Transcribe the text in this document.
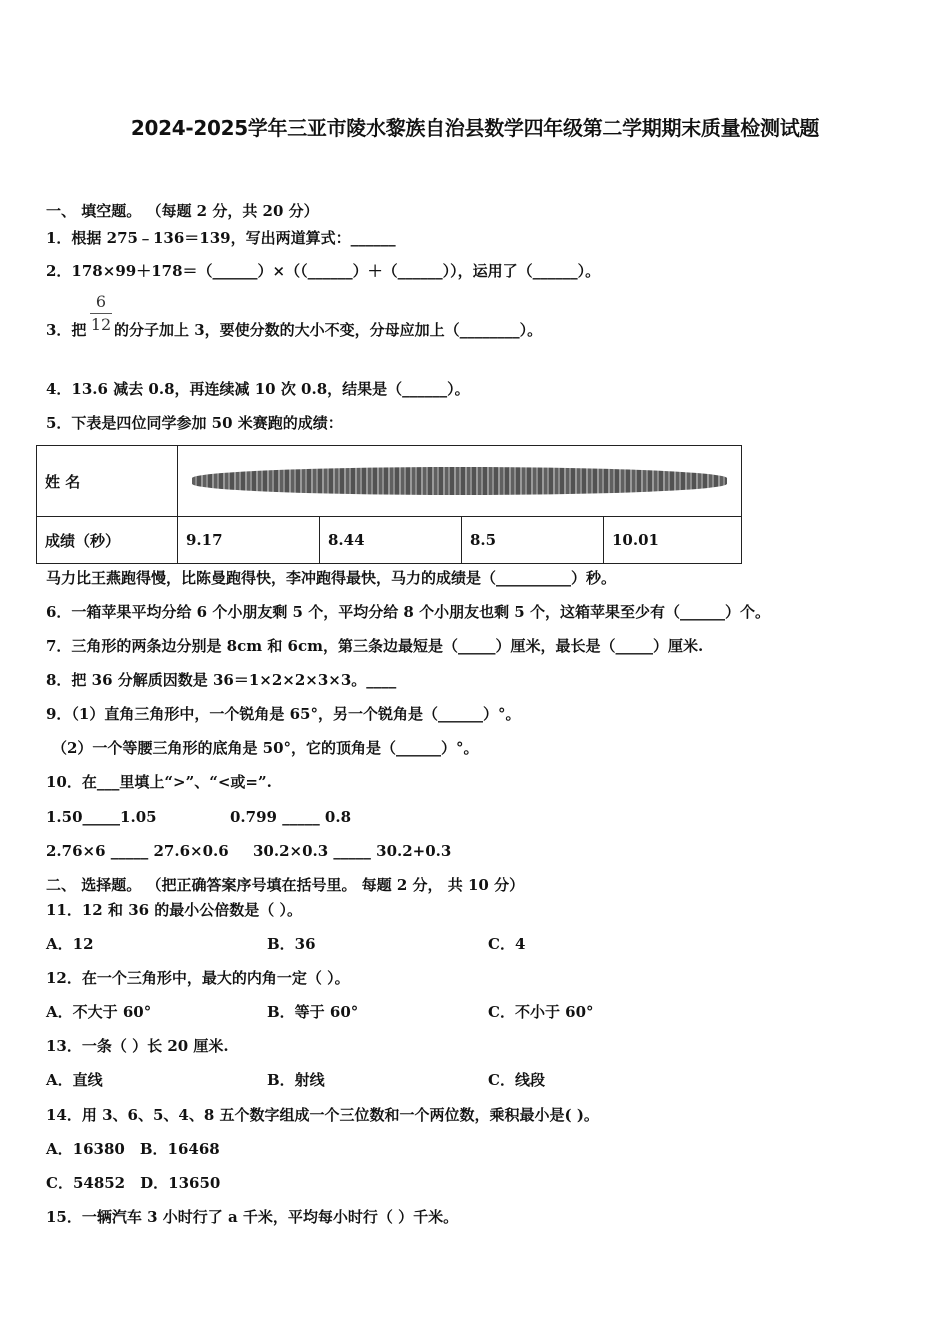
2024-2025学年三亚市陵水黎族自治县数学四年级第二学期期末质量检测试题
一、 填空题。 （每题 2 分，共 20 分）
1．根据 275﹣136＝139，写出两道算式：______
2．178×99＋178＝（______）×（（______）＋（______）），运用了（______）。
3．把
6
12 的分子加上 3，要使分数的大小不变，分母应加上（________）。
4．13.6 减去 0.8，再连续减 10 次 0.8，结果是（______）。
5．下表是四位同学参加 50 米赛跑的成绩：
姓 名				

成绩（秒）	9.17	8.44	8.5	10.01
马力比王燕跑得慢，比陈曼跑得快，李冲跑得最快，马力的成绩是（__________）秒。
6．一箱苹果平均分给 6 个小朋友剩 5 个，平均分给 8 个小朋友也剩 5 个，这箱苹果至少有（______）个。
7．三角形的两条边分别是 8cm 和 6cm，第三条边最短是（_____）厘米，最长是（_____）厘米.
8．把 36 分解质因数是 36＝1×2×2×3×3。____
9．（1）直角三角形中，一个锐角是 65°，另一个锐角是（______）°。
（2）一个等腰三角形的底角是 50°，它的顶角是（______）°。
10．在___里填上“>”、“<或=”.
1.50_____1.05	0.799 _____ 0.8
2.76×6 _____ 27.6×0.6 30.2×0.3 _____ 30.2+0.3
二、 选择题。 （把正确答案序号填在括号里。 每题 2 分， 共 10 分）
11．12 和 36 的最小公倍数是（ ）。
A．12	B．36	C．4
12．在一个三角形中，最大的内角一定（ ）。
A．不大于 60°	B．等于 60°	C．不小于 60°
13．一条（ ）长 20 厘米.
A．直线	B．射线	C．线段
14．用 3、6、5、4、8 五个数字组成一个三位数和一个两位数，乘积最小是( )。
A．16380　B．16468
C．54852　D．13650
15．一辆汽车 3 小时行了 a 千米，平均每小时行（ ）千米。
